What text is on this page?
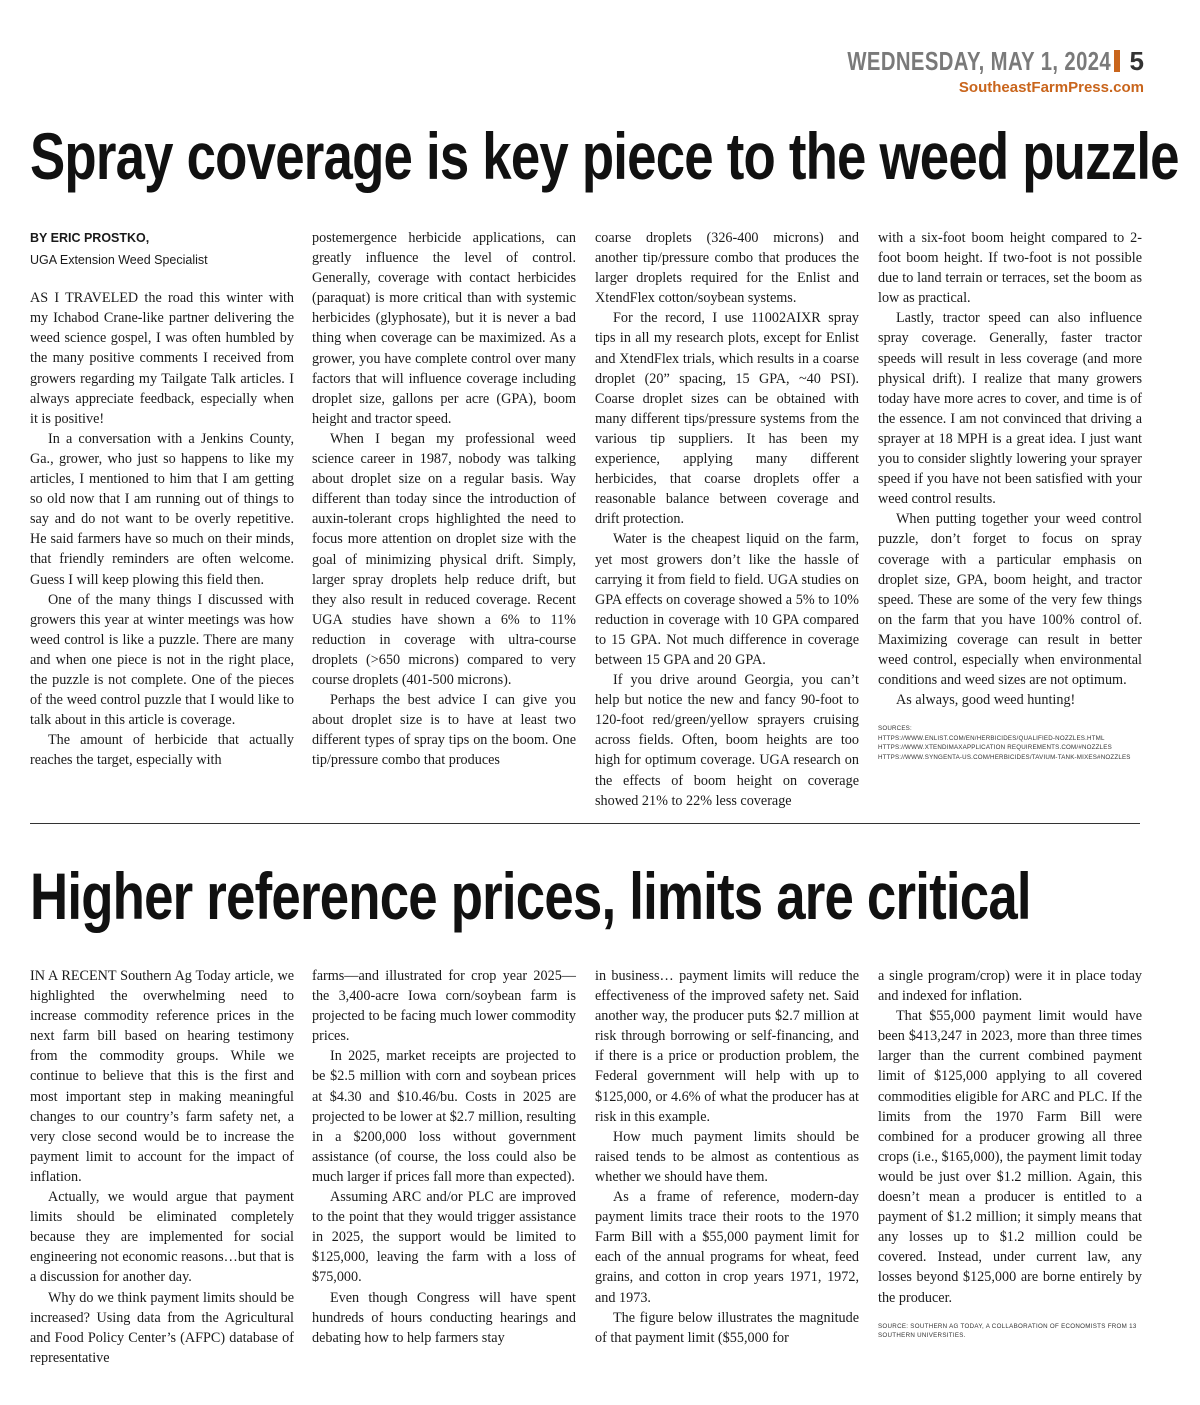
WEDNESDAY, MAY 1, 2024 5
SoutheastFarmPress.com
Spray coverage is key piece to the weed puzzle
BY ERIC PROSTKO,
UGA Extension Weed Specialist

AS I TRAVELED the road this winter with my Ichabod Crane-like partner delivering the weed science gospel, I was often humbled by the many positive comments I received from growers regarding my Tailgate Talk articles. I always appreciate feedback, especially when it is positive!

In a conversation with a Jenkins County, Ga., grower, who just so happens to like my articles, I mentioned to him that I am getting so old now that I am running out of things to say and do not want to be overly repetitive. He said farmers have so much on their minds, that friendly reminders are often welcome. Guess I will keep plowing this field then.

One of the many things I discussed with growers this year at winter meetings was how weed control is like a puzzle. There are many and when one piece is not in the right place, the puzzle is not complete. One of the pieces of the weed control puzzle that I would like to talk about in this article is coverage.

The amount of herbicide that actually reaches the target, especially with

postemergence herbicide applications, can greatly influence the level of control. Generally, coverage with contact herbicides (paraquat) is more critical than with systemic herbicides (glyphosate), but it is never a bad thing when coverage can be maximized. As a grower, you have complete control over many factors that will influence coverage including droplet size, gallons per acre (GPA), boom height and tractor speed.

When I began my professional weed science career in 1987, nobody was talking about droplet size on a regular basis. Way different than today since the introduction of auxin-tolerant crops highlighted the need to focus more attention on droplet size with the goal of minimizing physical drift. Simply, larger spray droplets help reduce drift, but they also result in reduced coverage. Recent UGA studies have shown a 6% to 11% reduction in coverage with ultra-course droplets (>650 microns) compared to very course droplets (401-500 microns).

Perhaps the best advice I can give you about droplet size is to have at least two different types of spray tips on the boom. One tip/pressure combo that produces

coarse droplets (326-400 microns) and another tip/pressure combo that produces the larger droplets required for the Enlist and XtendFlex cotton/soybean systems.

For the record, I use 11002AIXR spray tips in all my research plots, except for Enlist and XtendFlex trials, which results in a coarse droplet (20” spacing, 15 GPA, ~40 PSI). Coarse droplet sizes can be obtained with many different tips/pressure systems from the various tip suppliers. It has been my experience, applying many different herbicides, that coarse droplets offer a reasonable balance between coverage and drift protection.

Water is the cheapest liquid on the farm, yet most growers don’t like the hassle of carrying it from field to field. UGA studies on GPA effects on coverage showed a 5% to 10% reduction in coverage with 10 GPA compared to 15 GPA. Not much difference in coverage between 15 GPA and 20 GPA.

If you drive around Georgia, you can’t help but notice the new and fancy 90-foot to 120-foot red/green/yellow sprayers cruising across fields. Often, boom heights are too high for optimum coverage. UGA research on the effects of boom height on coverage showed 21% to 22% less coverage

with a six-foot boom height compared to 2-foot boom height. If two-foot is not possible due to land terrain or terraces, set the boom as low as practical.

Lastly, tractor speed can also influence spray coverage. Generally, faster tractor speeds will result in less coverage (and more physical drift). I realize that many growers today have more acres to cover, and time is of the essence. I am not convinced that driving a sprayer at 18 MPH is a great idea. I just want you to consider slightly lowering your sprayer speed if you have not been satisfied with your weed control results.

When putting together your weed control puzzle, don’t forget to focus on spray coverage with a particular emphasis on droplet size, GPA, boom height, and tractor speed. These are some of the very few things on the farm that you have 100% control of. Maximizing coverage can result in better weed control, especially when environmental conditions and weed sizes are not optimum.

As always, good weed hunting!

SOURCES:
HTTPS://WWW.ENLIST.COM/EN/HERBICIDES/QUALIFIED-NOZZLES.HTML
HTTPS://WWW.XTENDIMAXAPPLICATION REQUIREMENTS.COM/#NOZZLES
HTTPS://WWW.SYNGENTA-US.COM/HERBICIDES/TAVIUM-TANK-MIXES#NOZZLES
Higher reference prices, limits are critical

IN A RECENT Southern Ag Today article, we highlighted the overwhelming need to increase commodity reference prices in the next farm bill based on hearing testimony from the commodity groups. While we continue to believe that this is the first and most important step in making meaningful changes to our country’s farm safety net, a very close second would be to increase the payment limit to account for the impact of inflation.

Actually, we would argue that payment limits should be eliminated completely because they are implemented for social engineering not economic reasons…but that is a discussion for another day.

Why do we think payment limits should be increased? Using data from the Agricultural and Food Policy Center’s (AFPC) database of representative

farms—and illustrated for crop year 2025—the 3,400-acre Iowa corn/soybean farm is projected to be facing much lower commodity prices.

In 2025, market receipts are projected to be $2.5 million with corn and soybean prices at $4.30 and $10.46/bu. Costs in 2025 are projected to be lower at $2.7 million, resulting in a $200,000 loss without government assistance (of course, the loss could also be much larger if prices fall more than expected).

Assuming ARC and/or PLC are improved to the point that they would trigger assistance in 2025, the support would be limited to $125,000, leaving the farm with a loss of $75,000.

Even though Congress will have spent hundreds of hours conducting hearings and debating how to help farmers stay

in business… payment limits will reduce the effectiveness of the improved safety net. Said another way, the producer puts $2.7 million at risk through borrowing or self-financing, and if there is a price or production problem, the Federal government will help with up to $125,000, or 4.6% of what the producer has at risk in this example.

How much payment limits should be raised tends to be almost as contentious as whether we should have them.

As a frame of reference, modern-day payment limits trace their roots to the 1970 Farm Bill with a $55,000 payment limit for each of the annual programs for wheat, feed grains, and cotton in crop years 1971, 1972, and 1973.

The figure below illustrates the magnitude of that payment limit ($55,000 for

a single program/crop) were it in place today and indexed for inflation.

That $55,000 payment limit would have been $413,247 in 2023, more than three times larger than the current combined payment limit of $125,000 applying to all covered commodities eligible for ARC and PLC. If the limits from the 1970 Farm Bill were combined for a producer growing all three crops (i.e., $165,000), the payment limit today would be just over $1.2 million. Again, this doesn’t mean a producer is entitled to a payment of $1.2 million; it simply means that any losses up to $1.2 million could be covered. Instead, under current law, any losses beyond $125,000 are borne entirely by the producer.

SOURCE: SOUTHERN AG TODAY, A COLLABORATION OF ECONOMISTS FROM 13 SOUTHERN UNIVERSITIES.
